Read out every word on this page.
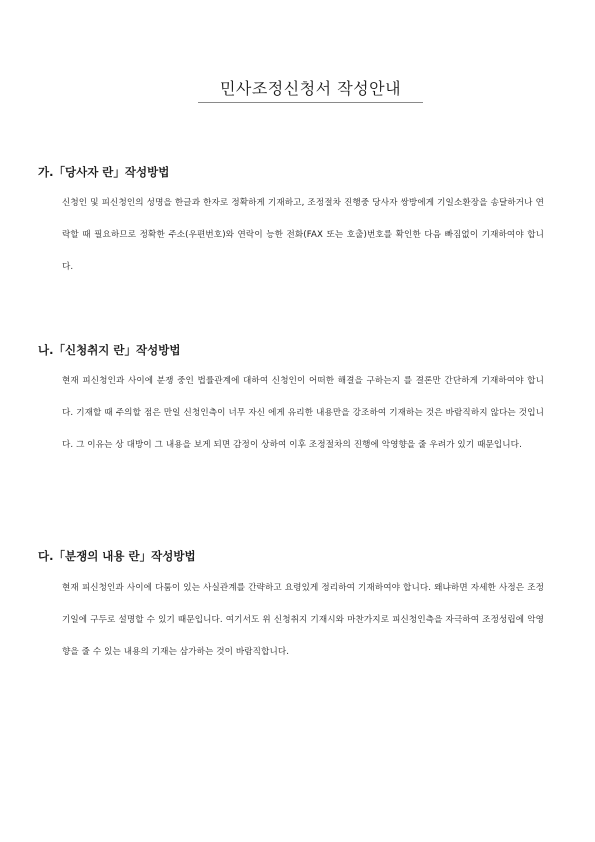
민사조정신청서 작성안내
가.「당사자 란」작성방법

신청인 및 피신청인의 성명을 한글과 한자로 정확하게 기재하고, 조정절차 진행중 당사자 쌍방에게 기일소환장을 송달하거나 연락할 때 필요하므로 정확한 주소(우편번호)와 연락이 능한 전화(FAX 또는 호출)번호를 확인한 다음 빠짐없이 기재하여야 합니다.

나.「신청취지 란」작성방법

현재 피신청인과 사이에 분쟁 중인 법률관계에 대하여 신청인이 어떠한 해결을 구하는지 를 결론만 간단하게 기재하여야 합니다. 기재할 때 주의할 점은 만일 신청인측이 너무 자신 에게 유리한 내용만을 강조하여 기재하는 것은 바람직하지 않다는 것입니다. 그 이유는 상 대방이 그 내용을 보게 되면 감정이 상하여 이후 조정절차의 진행에 악영향을 줄 우려가 있기 때문입니다.

다.「분쟁의 내용 란」작성방법

현재 피신청인과 사이에 다툼이 있는 사실관계를 간략하고 요령있게 정리하여 기재하여야 합니다. 왜냐하면 자세한 사정은 조정기일에 구두로 설명할 수 있기 때문입니다. 여기서도 위 신청취지 기재시와 마찬가지로 피신청인측을 자극하여 조정성립에 악영향을 줄 수 있는 내용의 기재는 삼가하는 것이 바람직합니다.
